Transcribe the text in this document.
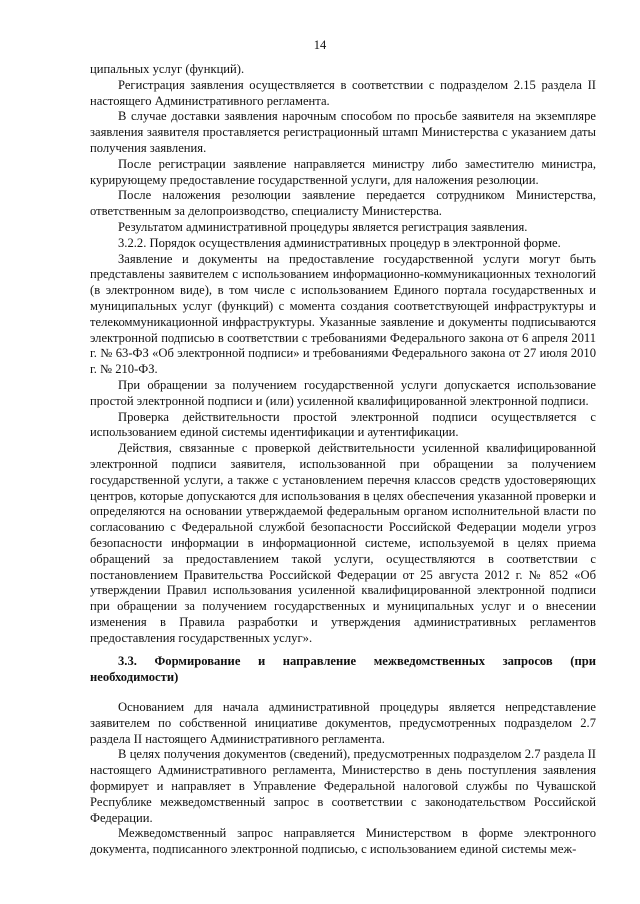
14

ципальных услуг (функций).

Регистрация заявления осуществляется в соответствии с подразделом 2.15 раздела II настоящего Административного регламента.

В случае доставки заявления нарочным способом по просьбе заявителя на экземпляре заявления заявителя проставляется регистрационный штамп Министерства с указанием даты получения заявления.

После регистрации заявление направляется министру либо заместителю министра, курирующему предоставление государственной услуги, для наложения резолюции.

После наложения резолюции заявление передается сотрудником Министерства, ответственным за делопроизводство, специалисту Министерства.

Результатом административной процедуры является регистрация заявления.

3.2.2. Порядок осуществления административных процедур в электронной форме.

Заявление и документы на предоставление государственной услуги могут быть представлены заявителем с использованием информационно-коммуникационных технологий (в электронном виде), в том числе с использованием Единого портала государственных и муниципальных услуг (функций) с момента создания соответствующей инфраструктуры и телекоммуникационной инфраструктуры. Указанные заявление и документы подписываются электронной подписью в соответствии с требованиями Федерального закона от 6 апреля 2011 г. № 63-ФЗ «Об электронной подписи» и требованиями Федерального закона от 27 июля 2010 г. № 210-ФЗ.

При обращении за получением государственной услуги допускается использование простой электронной подписи и (или) усиленной квалифицированной электронной подписи.

Проверка действительности простой электронной подписи осуществляется с использованием единой системы идентификации и аутентификации.

Действия, связанные с проверкой действительности усиленной квалифицированной электронной подписи заявителя, использованной при обращении за получением государственной услуги, а также с установлением перечня классов средств удостоверяющих центров, которые допускаются для использования в целях обеспечения указанной проверки и определяются на основании утверждаемой федеральным органом исполнительной власти по согласованию с Федеральной службой безопасности Российской Федерации модели угроз безопасности информации в информационной системе, используемой в целях приема обращений за предоставлением такой услуги, осуществляются в соответствии с постановлением Правительства Российской Федерации от 25 августа 2012 г. № 852 «Об утверждении Правил использования усиленной квалифицированной электронной подписи при обращении за получением государственных и муниципальных услуг и о внесении изменения в Правила разработки и утверждения административных регламентов предоставления государственных услуг».

3.3. Формирование и направление межведомственных запросов (при необходимости)

Основанием для начала административной процедуры является непредставление заявителем по собственной инициативе документов, предусмотренных подразделом 2.7 раздела II настоящего Административного регламента.

В целях получения документов (сведений), предусмотренных подразделом 2.7 раздела II настоящего Административного регламента, Министерство в день поступления заявления формирует и направляет в Управление Федеральной налоговой службы по Чувашской Республике межведомственный запрос в соответствии с законодательством Российской Федерации.

Межведомственный запрос направляется Министерством в форме электронного документа, подписанного электронной подписью, с использованием единой системы меж-
